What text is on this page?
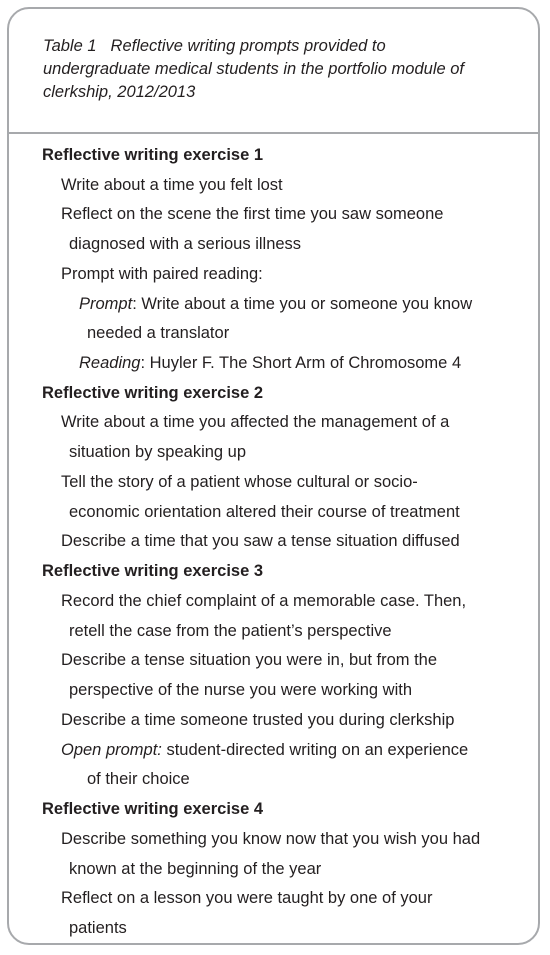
Table 1 Reflective writing prompts provided to
undergraduate medical students in the portfolio module of
clerkship, 2012/2013
Reflective writing exercise 1
Write about a time you felt lost
Reflect on the scene the first time you saw someone
diagnosed with a serious illness
Prompt with paired reading:
Prompt: Write about a time you or someone you know
needed a translator
Reading: Huyler F. The Short Arm of Chromosome 4
Reflective writing exercise 2
Write about a time you affected the management of a
situation by speaking up
Tell the story of a patient whose cultural or socio-
economic orientation altered their course of treatment
Describe a time that you saw a tense situation diffused
Reflective writing exercise 3
Record the chief complaint of a memorable case. Then,
retell the case from the patient’s perspective
Describe a tense situation you were in, but from the
perspective of the nurse you were working with
Describe a time someone trusted you during clerkship
Open prompt: student-directed writing on an experience
of their choice
Reflective writing exercise 4
Describe something you know now that you wish you had
known at the beginning of the year
Reflect on a lesson you were taught by one of your
patients
